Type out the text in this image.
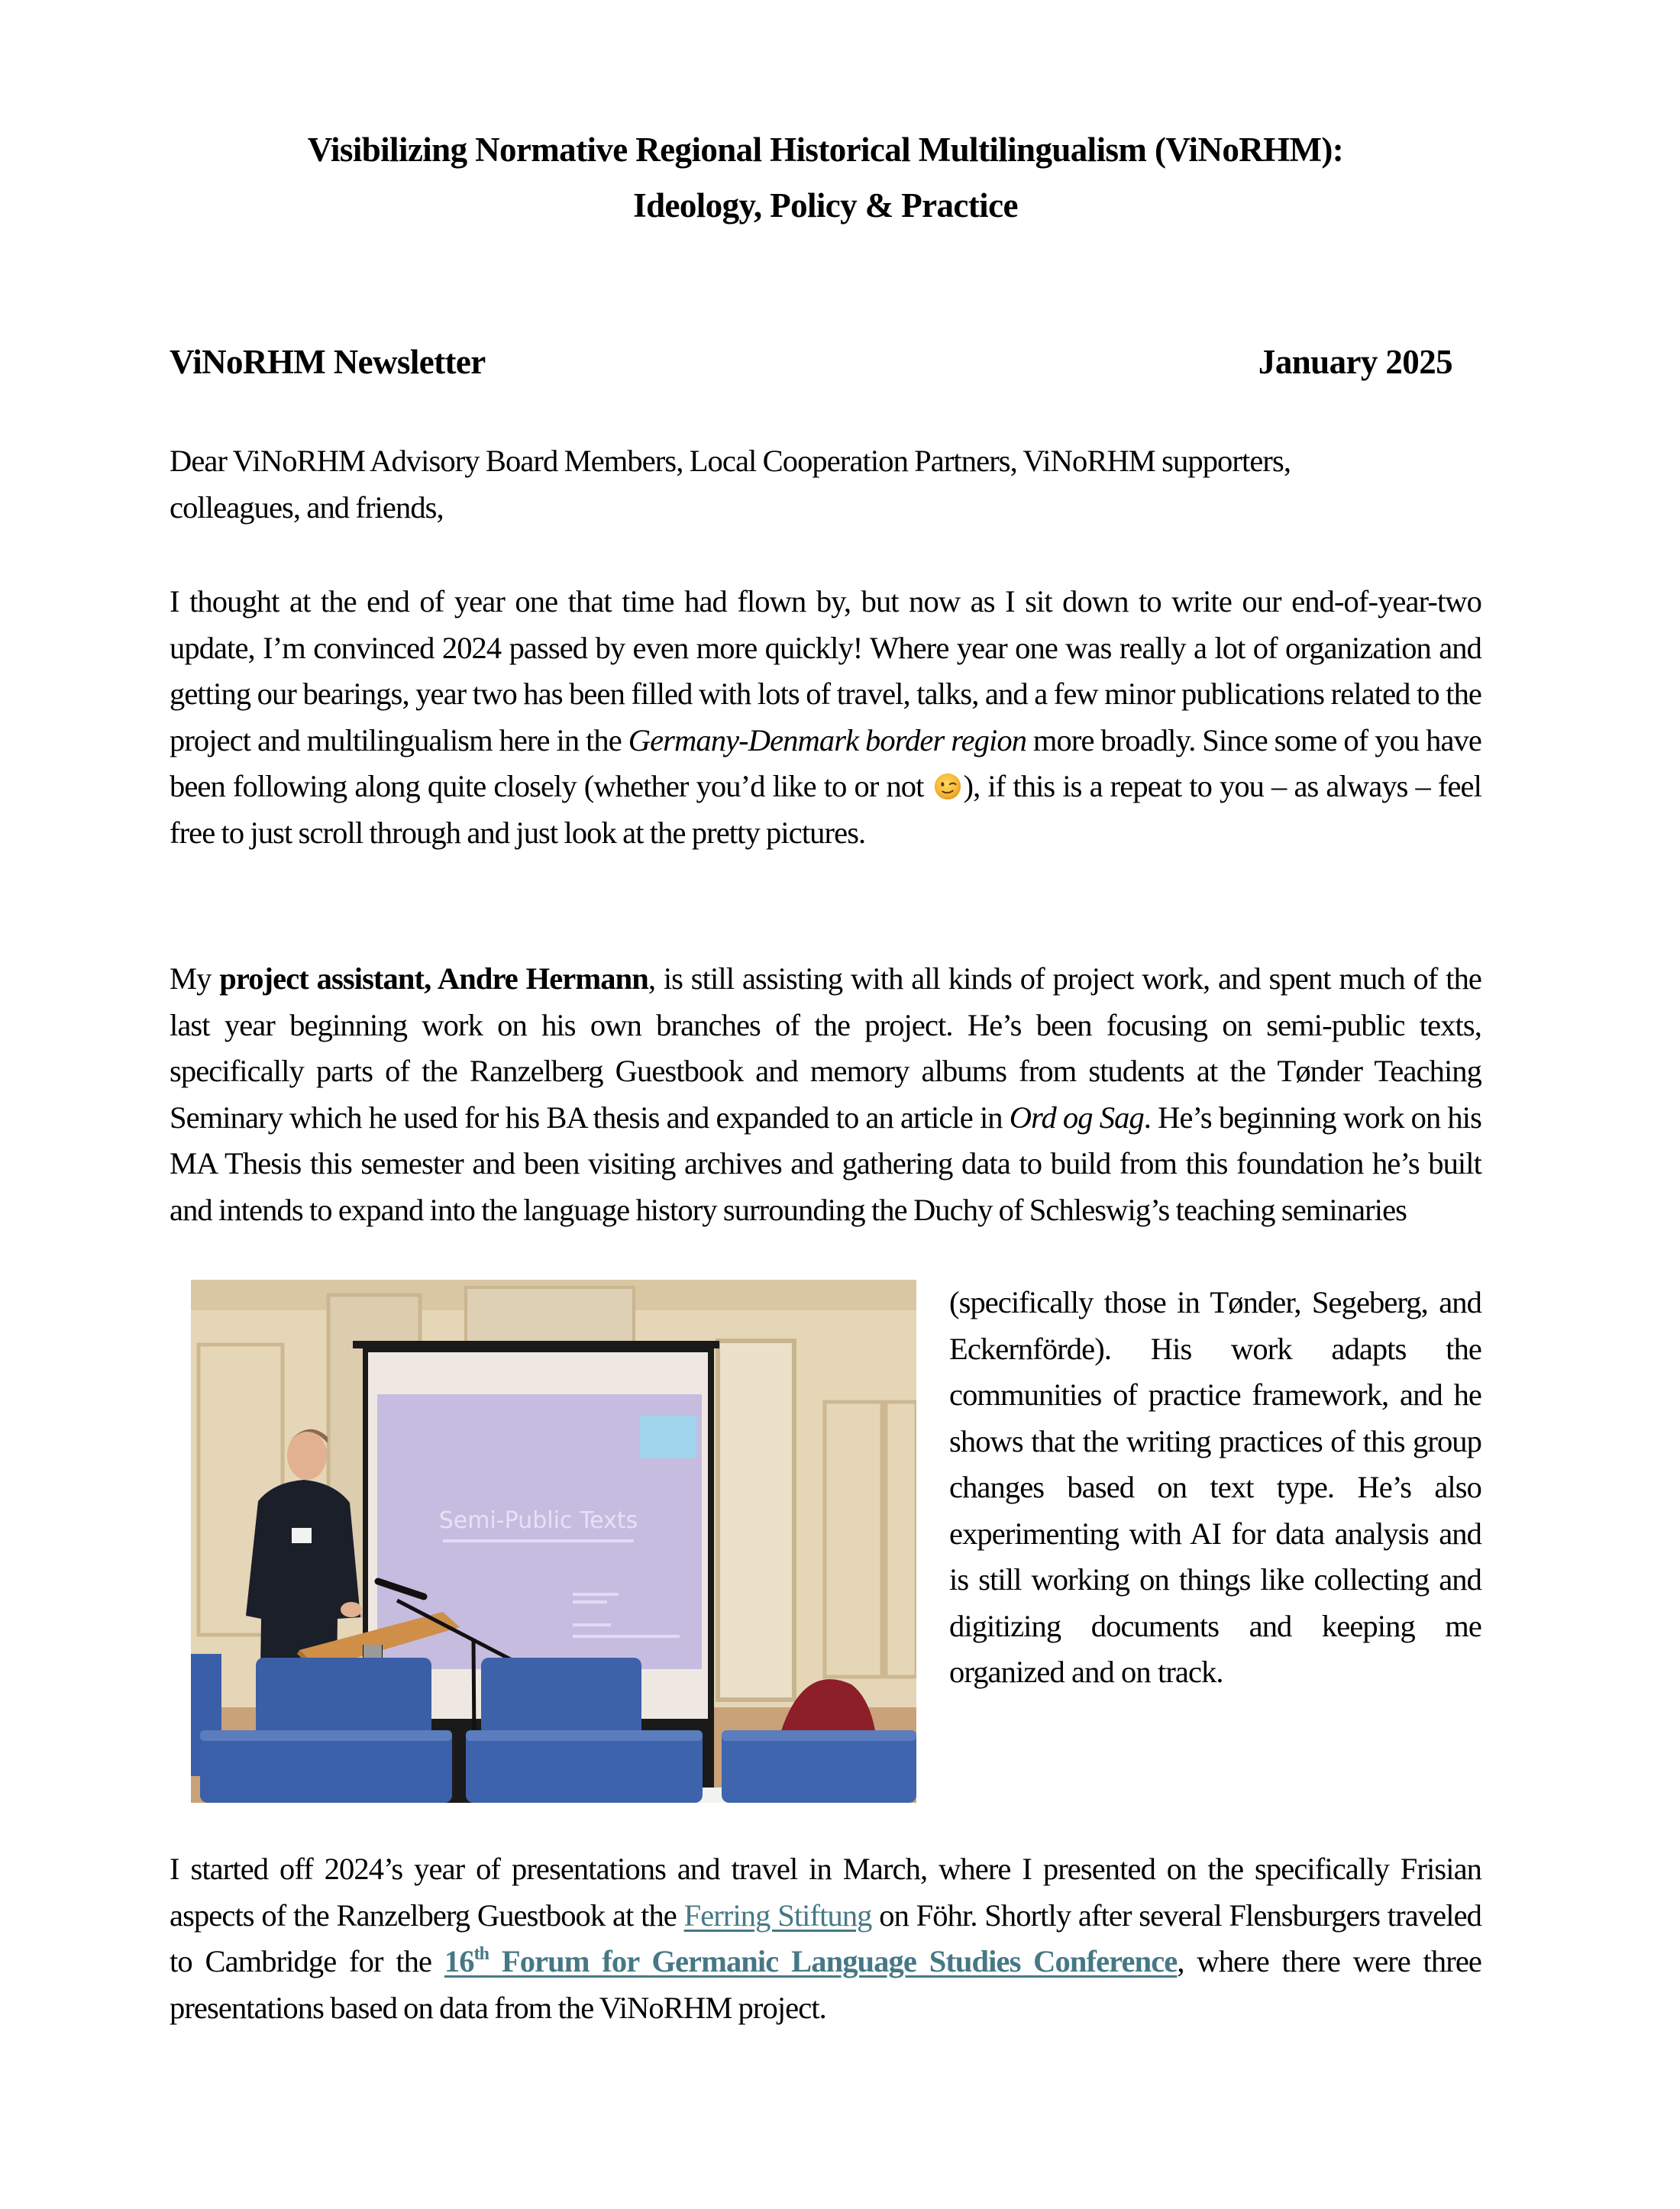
Visibilizing Normative Regional Historical Multilingualism (ViNoRHM):
Ideology, Policy & Practice
ViNoRHM Newsletter	January 2025

Dear ViNoRHM Advisory Board Members, Local Cooperation Partners, ViNoRHM supporters, colleagues, and friends,

I thought at the end of year one that time had flown by, but now as I sit down to write our end-of-year-two update, I’m convinced 2024 passed by even more quickly! Where year one was really a lot of organization and getting our bearings, year two has been filled with lots of travel, talks, and a few minor publications related to the project and multilingualism here in the Germany-Denmark border region more broadly. Since some of you have been following along quite closely (whether you’d like to or not ), if this is a repeat to you – as always – feel free to just scroll through and just look at the pretty pictures.

My project assistant, Andre Hermann, is still assisting with all kinds of project work, and spent much of the last year beginning work on his own branches of the project. He’s been focusing on semi-public texts, specifically parts of the Ranzelberg Guestbook and memory albums from students at the Tønder Teaching Seminary which he used for his BA thesis and expanded to an article in Ord og Sag. He’s beginning work on his MA Thesis this semester and been visiting archives and gathering data to build from this foundation he’s built and intends to expand into the language history surrounding the Duchy of Schleswig’s teaching seminaries

Semi-Public Texts
(specifically those in Tønder, Segeberg, and Eckernförde). His work adapts the communities of practice framework, and he shows that the writing practices of this group changes based on text type. He’s also experimenting with AI for data analysis and is still working on things like collecting and digitizing documents and keeping me organized and on track.

I started off 2024’s year of presentations and travel in March, where I presented on the specifically Frisian aspects of the Ranzelberg Guestbook at the Ferring Stiftung on Föhr. Shortly after several Flensburgers traveled to Cambridge for the 16th Forum for Germanic Language Studies Conference, where there were three presentations based on data from the ViNoRHM project.
